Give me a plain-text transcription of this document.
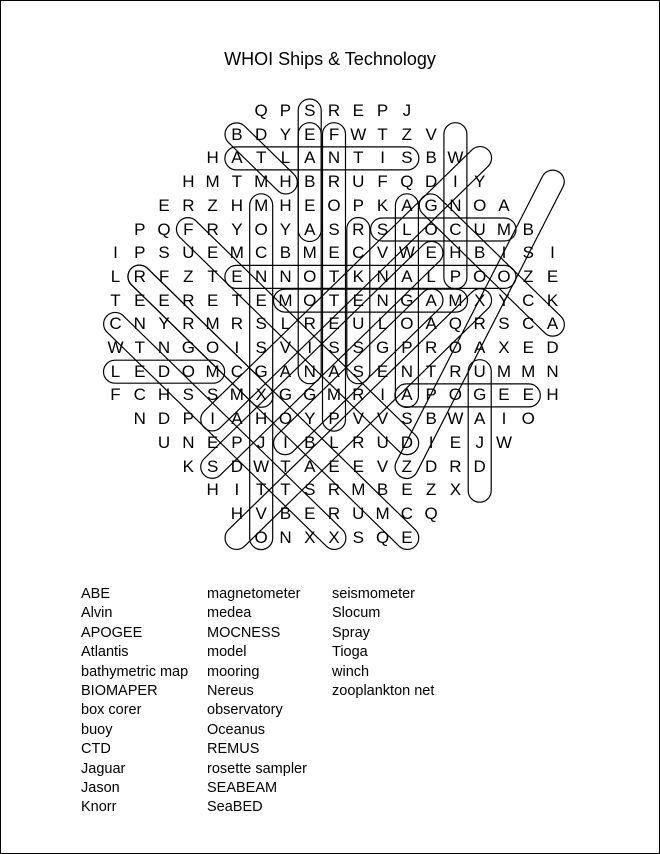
WHOI Ships & Technology
Q P S R E P J
B D Y E F W T Z V
H A T L A N T I S B W
H M T M H B R U F Q D I Y
E R Z H M H E O P K A G N O A
P Q F R Y O Y A S R S L O C U M B
I P S U E M C B M E C V W E H B I S I
L R F Z T E N N O T K N A L P O O Z E
T E E R E T E M O T E N G A M X Y C K
C N Y R M R S L R E U L O A Q R S C A
W T N G O I S V I S S G P R O A X E D
L E D O M C G A N A S E N T R U M M N
F C H S S M X G G M R I A P O G E E H
N D P I A H O Y P V V S B W A I O
U N E P J	I B L R U D I E J W
K S D W T A E E V Z D R D
H I T T S R M B E Z X
H V B E R U M C Q
O N X X S Q E
ABE
Alvin
APOGEE
Atlantis
bathymetric map
BIOMAPER
box corer
buoy
CTD
Jaguar
Jason
Knorr
magnetometer
medea
MOCNESS
model
mooring
Nereus
observatory
Oceanus
REMUS
rosette sampler
SEABEAM
SeaBED
seismometer
Slocum
Spray
Tioga
winch
zooplankton net
